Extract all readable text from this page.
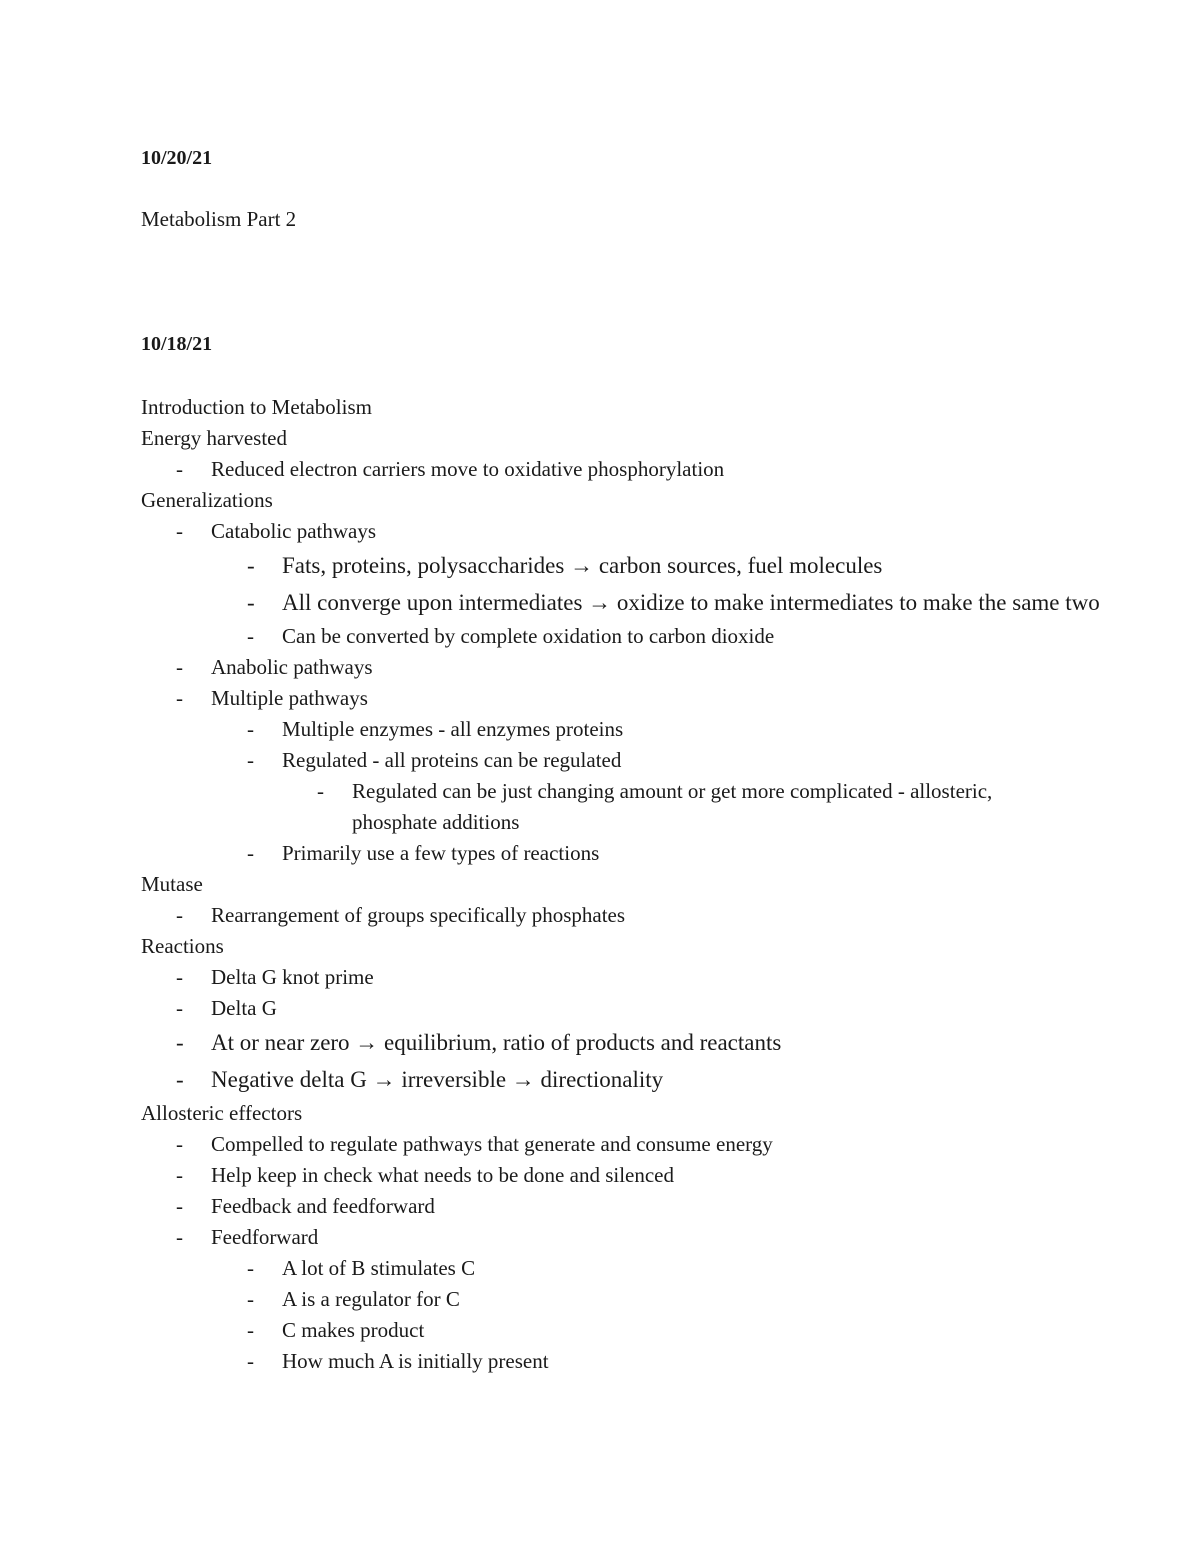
10/20/21
Metabolism Part 2
10/18/21
Introduction to Metabolism
Energy harvested
- Reduced electron carriers move to oxidative phosphorylation
Generalizations
- Catabolic pathways
- Fats, proteins, polysaccharides → carbon sources, fuel molecules
- All converge upon intermediates → oxidize to make intermediates to make the same two
- Can be converted by complete oxidation to carbon dioxide
- Anabolic pathways
- Multiple pathways
- Multiple enzymes - all enzymes proteins
- Regulated - all proteins can be regulated
- Regulated can be just changing amount or get more complicated - allosteric, phosphate additions
- Primarily use a few types of reactions
Mutase
- Rearrangement of groups specifically phosphates
Reactions
- Delta G knot prime
- Delta G
- At or near zero → equilibrium, ratio of products and reactants
- Negative delta G → irreversible → directionality
Allosteric effectors
- Compelled to regulate pathways that generate and consume energy
- Help keep in check what needs to be done and silenced
- Feedback and feedforward
- Feedforward
- A lot of B stimulates C
- A is a regulator for C
- C makes product
- How much A is initially present
